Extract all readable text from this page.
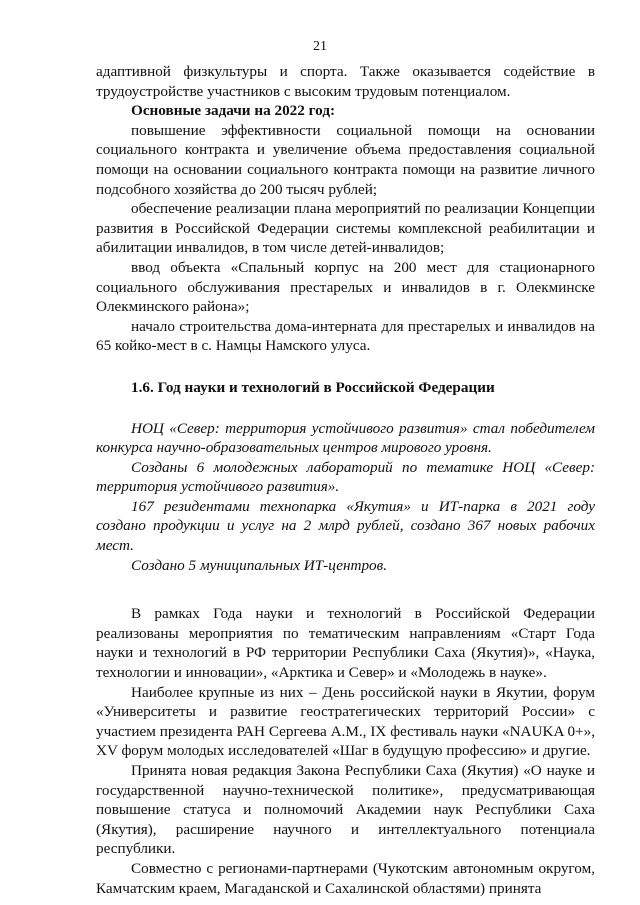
21

адаптивной физкультуры и спорта. Также оказывается содействие в трудоустройстве участников с высоким трудовым потенциалом.

Основные задачи на 2022 год:

повышение эффективности социальной помощи на основании социального контракта и увеличение объема предоставления социальной помощи на основании социального контракта помощи на развитие личного подсобного хозяйства до 200 тысяч рублей;

обеспечение реализации плана мероприятий по реализации Концепции развития в Российской Федерации системы комплексной реабилитации и абилитации инвалидов, в том числе детей-инвалидов;

ввод объекта «Спальный корпус на 200 мест для стационарного социального обслуживания престарелых и инвалидов в г. Олекминске Олекминского района»;

начало строительства дома-интерната для престарелых и инвалидов на 65 койко-мест в с. Намцы Намского улуса.

1.6. Год науки и технологий в Российской Федерации

НОЦ «Север: территория устойчивого развития» стал победителем конкурса научно-образовательных центров мирового уровня.

Созданы 6 молодежных лабораторий по тематике НОЦ «Север: территория устойчивого развития».

167 резидентами технопарка «Якутия» и ИТ-парка в 2021 году создано продукции и услуг на 2 млрд рублей, создано 367 новых рабочих мест.

Создано 5 муниципальных ИТ-центров.

В рамках Года науки и технологий в Российской Федерации реализованы мероприятия по тематическим направлениям «Старт Года науки и технологий в РФ территории Республики Саха (Якутия)», «Наука, технологии и инновации», «Арктика и Север» и «Молодежь в науке».

Наиболее крупные из них – День российской науки в Якутии, форум «Университеты и развитие геостратегических территорий России» с участием президента РАН Сергеева А.М., IX фестиваль науки «NAUKA 0+», XV форум молодых исследователей «Шаг в будущую профессию» и другие.

Принята новая редакция Закона Республики Саха (Якутия) «О науке и государственной научно-технической политике», предусматривающая повышение статуса и полномочий Академии наук Республики Саха (Якутия), расширение научного и интеллектуального потенциала республики.

Совместно с регионами-партнерами (Чукотским автономным округом, Камчатским краем, Магаданской и Сахалинской областями) принята
